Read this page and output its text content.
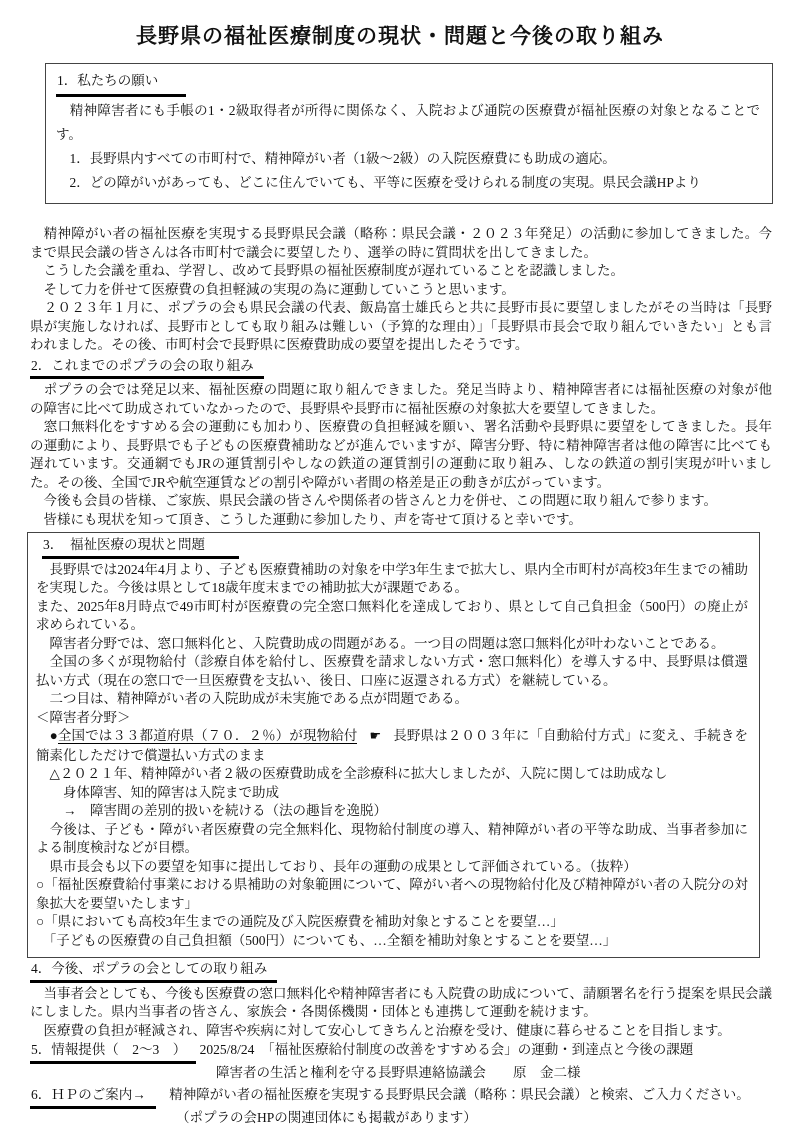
長野県の福祉医療制度の現状・問題と今後の取り組み
1．私たちの願い

　精神障害者にも手帳の1・2級取得者が所得に関係なく、入院および通院の医療費が福祉医療の対象となることです。

　1．長野県内すべての市町村で、精神障がい者（1級～2級）の入院医療費にも助成の適応。

　2．どの障がいがあっても、どこに住んでいても、平等に医療を受けられる制度の実現。県民会議HPより

　精神障がい者の福祉医療を実現する長野県民会議（略称：県民会議・２０２３年発足）の活動に参加してきました。今まで県民会議の皆さんは各市町村で議会に要望したり、選挙の時に質問状を出してきました。

　こうした会議を重ね、学習し、改めて長野県の福祉医療制度が遅れていることを認識しました。

　そして力を併せて医療費の負担軽減の実現の為に運動していこうと思います。

　２０２３年１月に、ポプラの会も県民会議の代表、飯島富士雄氏らと共に長野市長に要望しましたがその当時は「長野県が実施しなければ、長野市としても取り組みは難しい（予算的な理由）」「長野県市長会で取り組んでいきたい」とも言われました。その後、市町村会で長野県に医療費助成の要望を提出したそうです。

2．これまでのポプラの会の取り組み

　ポプラの会では発足以来、福祉医療の問題に取り組んできました。発足当時より、精神障害者には福祉医療の対象が他の障害に比べて助成されていなかったので、長野県や長野市に福祉医療の対象拡大を要望してきました。

　窓口無料化をすすめる会の運動にも加わり、医療費の負担軽減を願い、署名活動や長野県に要望をしてきました。長年の運動により、長野県でも子どもの医療費補助などが進んでいますが、障害分野、特に精神障害者は他の障害に比べても遅れています。交通網でもJRの運賃割引やしなの鉄道の運賃割引の運動に取り組み、しなの鉄道の割引実現が叶いました。その後、全国でJRや航空運賃などの割引や障がい者間の格差是正の動きが広がっています。

　今後も会員の皆様、ご家族、県民会議の皆さんや関係者の皆さんと力を併せ、この問題に取り組んで参ります。

　皆様にも現状を知って頂き、こうした運動に参加したり、声を寄せて頂けると幸いです。

3．　福祉医療の現状と問題

　長野県では2024年4月より、子ども医療費補助の対象を中学3年生まで拡大し、県内全市町村が高校3年生までの補助を実現した。今後は県として18歳年度末までの補助拡大が課題である。

また、2025年8月時点で49市町村が医療費の完全窓口無料化を達成しており、県として自己負担金（500円）の廃止が求められている。

　障害者分野では、窓口無料化と、入院費助成の問題がある。一つ目の問題は窓口無料化が叶わないことである。

　全国の多くが現物給付（診療自体を給付し、医療費を請求しない方式・窓口無料化）を導入する中、長野県は償還払い方式（現在の窓口で一旦医療費を支払い、後日、口座に返還される方式）を継続している。

　二つ目は、精神障がい者の入院助成が未実施である点が問題である。

＜障害者分野＞

　●全国では３３都道府県（７０．２％）が現物給付 ☛ 長野県は２００３年に「自動給付方式」に変え、手続きを簡素化しただけで償還払い方式のまま

　△２０２１年、精神障がい者２級の医療費助成を全診療科に拡大しましたが、入院に関しては助成なし

　　身体障害、知的障害は入院まで助成

　　→　障害間の差別的扱いを続ける（法の趣旨を逸脱）

　今後は、子ども・障がい者医療費の完全無料化、現物給付制度の導入、精神障がい者の平等な助成、当事者参加による制度検討などが目標。

　県市長会も以下の要望を知事に提出しており、長年の運動の成果として評価されている。（抜粋）

○「福祉医療費給付事業における県補助の対象範囲について、障がい者への現物給付化及び精神障がい者の入院分の対象拡大を要望いたします」

○「県においても高校3年生までの通院及び入院医療費を補助対象とすることを要望…」

　「子どもの医療費の自己負担額（500円）についても、…全額を補助対象とすることを要望…」

4．今後、ポプラの会としての取り組み

　当事者会としても、今後も医療費の窓口無料化や精神障害者にも入院費の助成について、請願署名を行う提案を県民会議にしました。県内当事者の皆さん、家族会・各関係機関・団体とも連携して運動を続けます。

　医療費の負担が軽減され、障害や疾病に対して安心してきちんと治療を受け、健康に暮らせることを目指します。

5．情報提供（　2～3　） 2025/8/24　「福祉医療給付制度の改善をすすめる会」の運動・到達点と今後の課題

障害者の生活と権利を守る長野県連絡協議会　　原　金二様

6．ＨＰのご案内→　精神障がい者の福祉医療を実現する長野県民会議（略称：県民会議）と検索、ご入力ください。

（ポプラの会HPの関連団体にも掲載があります）
